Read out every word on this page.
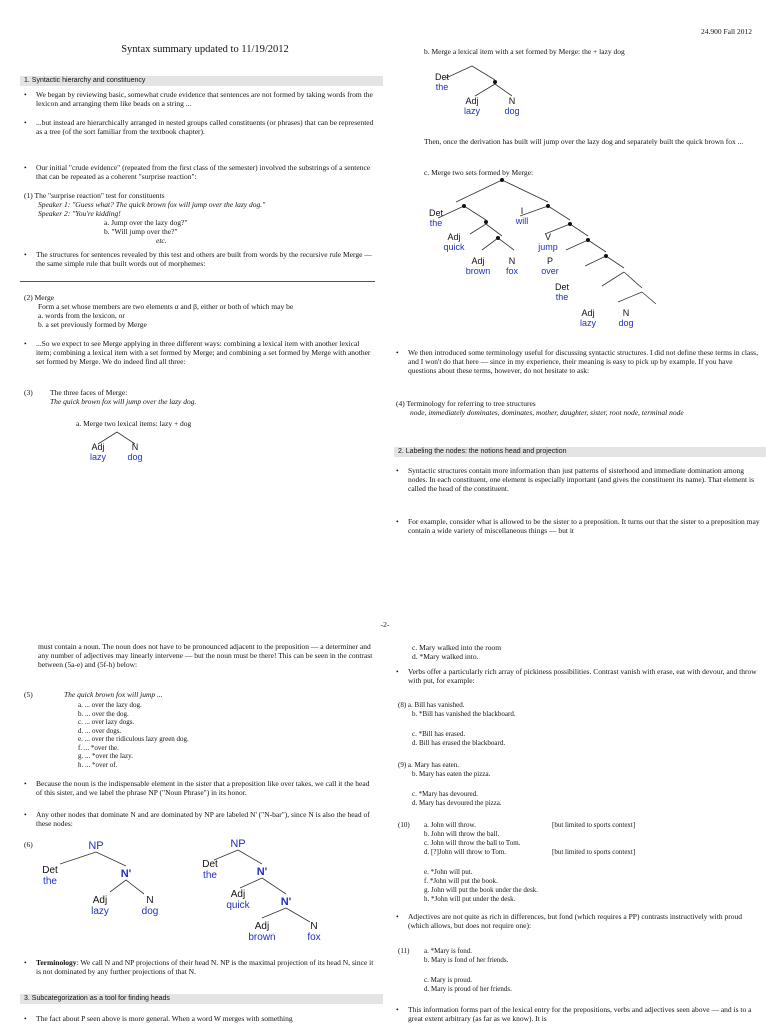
24.900 Fall 2012
Syntax summary updated to 11/19/2012
1. Syntactic hierarchy and constituency
• We began by reviewing basic, somewhat crude evidence that sentences are not formed by taking words from the lexicon and arranging them like beads on a string ...
• ...but instead are hierarchically arranged in nested groups called constituents (or phrases) that can be represented as a tree (of the sort familiar from the textbook chapter).
• Our initial "crude evidence" (repeated from the first class of the semester) involved the substrings of a sentence that can be repeated as a coherent "surprise reaction":
(1) The "surprise reaction" test for constituents
Speaker 1: "Guess what? The quick brown fox will jump over the lazy dog."
Speaker 2: "You're kidding!
a. Jump over the lazy dog?"
b. "Will jump over the?"
etc.
• The structures for sentences revealed by this test and others are built from words by the recursive rule Merge —the same simple rule that built words out of morphemes:
(2) Merge
Form a set whose members are two elements α and β, either or both of which may be
a. words from the lexicon, or
b. a set previously formed by Merge
• ...So we expect to see Merge applying in three different ways: combining a lexical item with another lexical item; combining a lexical item with a set formed by Merge; and combining a set formed by Merge with another set formed by Merge. We do indeed find all three:
(3)	The three faces of Merge:
The quick brown fox will jump over the lazy dog.
a. Merge two lexical items: lazy + dog
Adj	N
lazy	dog
b. Merge a lexical item with a set formed by Merge: the + lazy dog
Det
the
Adj	N
lazy	dog
Then, once the derivation has built will jump over the lazy dog and separately built the quick brown fox ...
c. Merge two sets formed by Merge:
Det
the
I
will
Adj
quick
V
jump
Adj
brown
N
fox
P
over
Det
the
Adj
lazy
N
dog
• We then introduced some terminology useful for discussing syntactic structures. I did not define these terms in class, and I won't do that here — since in my experience, their meaning is easy to pick up by example. If you have questions about these terms, however, do not hesitate to ask:
(4) Terminology for referring to tree structures
node, immediately dominates, dominates, mother, daughter, sister, root node, terminal node
2. Labeling the nodes: the notions head and projection
• Syntactic structures contain more information than just patterns of sisterhood and immediate domination among nodes. In each constituent, one element is especially important (and gives the constituent its name). That element is called the head of the constituent.
• For example, consider what is allowed to be the sister to a preposition. It turns out that the sister to a preposition may contain a wide variety of miscellaneous things — but it
-2-
must contain a noun. The noun does not have to be pronounced adjacent to the preposition — a determiner and any number of adjectives may linearly intervene — but the noun must be there! This can be seen in the contrast between (5a-e) and (5f-h) below:
(5)	The quick brown fox will jump ...
a. ... over the lazy dog.
b. ... over the dog.
c. ... over lazy dogs.
d. ... over dogs.
e. ... over the ridiculous lazy green dog.
f. ... *over the.
g. ... *over the lazy.
h. ... *over of.
• Because the noun is the indispensable element in the sister that a preposition like over takes, we call it the head of this sister, and we label the phrase NP ("Noun Phrase") in its honor.
• Any other nodes that dominate N and are dominated by NP are labeled N' ("N-bar"), since N is also the head of these nodes:
(6)	NP
Det
the
N'
Adj
lazy
N
dog
NP
Det
the	N'
Adj
quick	N'
Adj
brown
N
fox
• Terminology: We call N and NP projections of their head N. NP is the maximal projection of its head N, since it is not dominated by any further projections of that N.
3. Subcategorization as a tool for finding heads
• The fact about P seen above is more general. When a word W merges with something
c. Mary walked into the room
d. *Mary walked into.
• Verbs offer a particularly rich array of pickiness possibilities. Contrast vanish with erase, eat with devour, and throw with put, for example:
(8) a. Bill has vanished.
b. *Bill has vanished the blackboard.
c. *Bill has erased.
d. Bill has erased the blackboard.
(9) a. Mary has eaten.
b. Mary has eaten the pizza.
c. *Mary has devoured.
d. Mary has devoured the pizza.
(10)	a. John will throw.	[but limited to sports context]
b. John will throw the ball.
c. John will throw the ball to Tom.
d. [?]John will throw to Tom.	[but limited to sports context]
e. *John will put.
f. *John will put the book.
g. John will put the book under the desk.
h. *John will put under the desk.
• Adjectives are not quite as rich in differences, but fond (which requires a PP) contrasts instructively with proud (which allows, but does not require one):
(11)	a. *Mary is fond.
b. Mary is fond of her friends.
c. Mary is proud.
d. Mary is proud of her friends.
• This information forms part of the lexical entry for the prepositions, verbs and adjectives seen above — and is to a great extent arbitrary (as far as we know). It is
